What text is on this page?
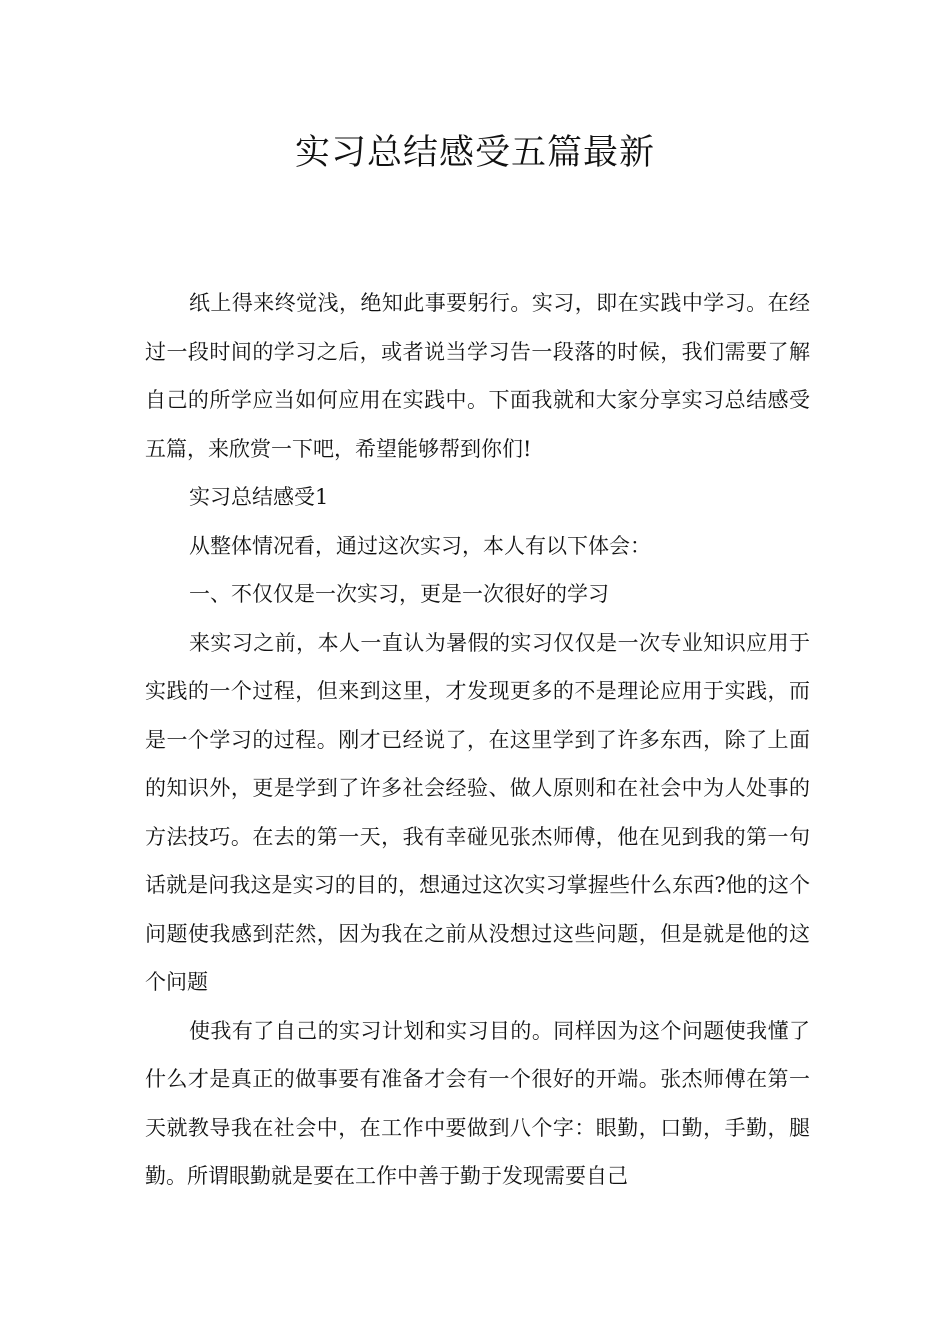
实习总结感受五篇最新

纸上得来终觉浅，绝知此事要躬行。实习，即在实践中学习。在经过一段时间的学习之后，或者说当学习告一段落的时候，我们需要了解自己的所学应当如何应用在实践中。下面我就和大家分享实习总结感受五篇，来欣赏一下吧，希望能够帮到你们!

实习总结感受1

从整体情况看，通过这次实习，本人有以下体会：

一、不仅仅是一次实习，更是一次很好的学习

来实习之前，本人一直认为暑假的实习仅仅是一次专业知识应用于实践的一个过程，但来到这里，才发现更多的不是理论应用于实践，而是一个学习的过程。刚才已经说了，在这里学到了许多东西，除了上面的知识外，更是学到了许多社会经验、做人原则和在社会中为人处事的方法技巧。在去的第一天，我有幸碰见张杰师傅，他在见到我的第一句话就是问我这是实习的目的，想通过这次实习掌握些什么东西?他的这个问题使我感到茫然，因为我在之前从没想过这些问题，但是就是他的这个问题

使我有了自己的实习计划和实习目的。同样因为这个问题使我懂了什么才是真正的做事要有准备才会有一个很好的开端。张杰师傅在第一天就教导我在社会中，在工作中要做到八个字：眼勤，口勤，手勤，腿勤。所谓眼勤就是要在工作中善于勤于发现需要自己
